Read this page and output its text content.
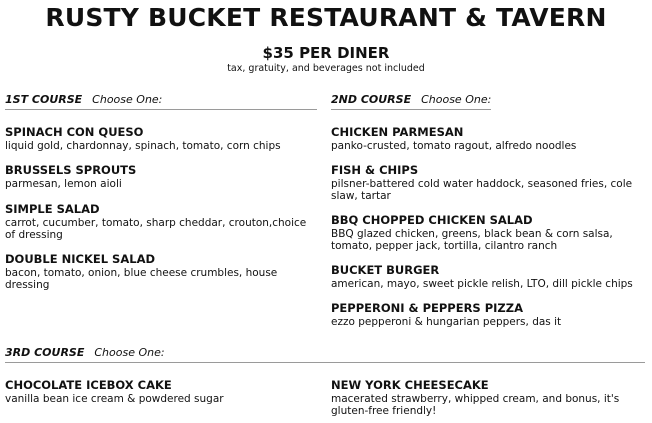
RUSTY BUCKET RESTAURANT & TAVERN
$35 PER DINER
tax, gratuity, and beverages not included
1ST COURSE Choose One:
SPINACH CON QUESO
liquid gold, chardonnay, spinach, tomato, corn chips
BRUSSELS SPROUTS
parmesan, lemon aioli
SIMPLE SALAD
carrot, cucumber, tomato, sharp cheddar, crouton,choice of dressing
DOUBLE NICKEL SALAD
bacon, tomato, onion, blue cheese crumbles, house dressing
2ND COURSE Choose One:
CHICKEN PARMESAN
panko-crusted, tomato ragout, alfredo noodles
FISH & CHIPS
pilsner-battered cold water haddock, seasoned fries, cole slaw, tartar
BBQ CHOPPED CHICKEN SALAD
BBQ glazed chicken, greens, black bean & corn salsa, tomato, pepper jack, tortilla, cilantro ranch
BUCKET BURGER
american, mayo, sweet pickle relish, LTO, dill pickle chips
PEPPERONI & PEPPERS PIZZA
ezzo pepperoni & hungarian peppers, das it
3RD COURSE Choose One:
CHOCOLATE ICEBOX CAKE
vanilla bean ice cream & powdered sugar
NEW YORK CHEESECAKE
macerated strawberry, whipped cream, and bonus, it's gluten-free friendly!
